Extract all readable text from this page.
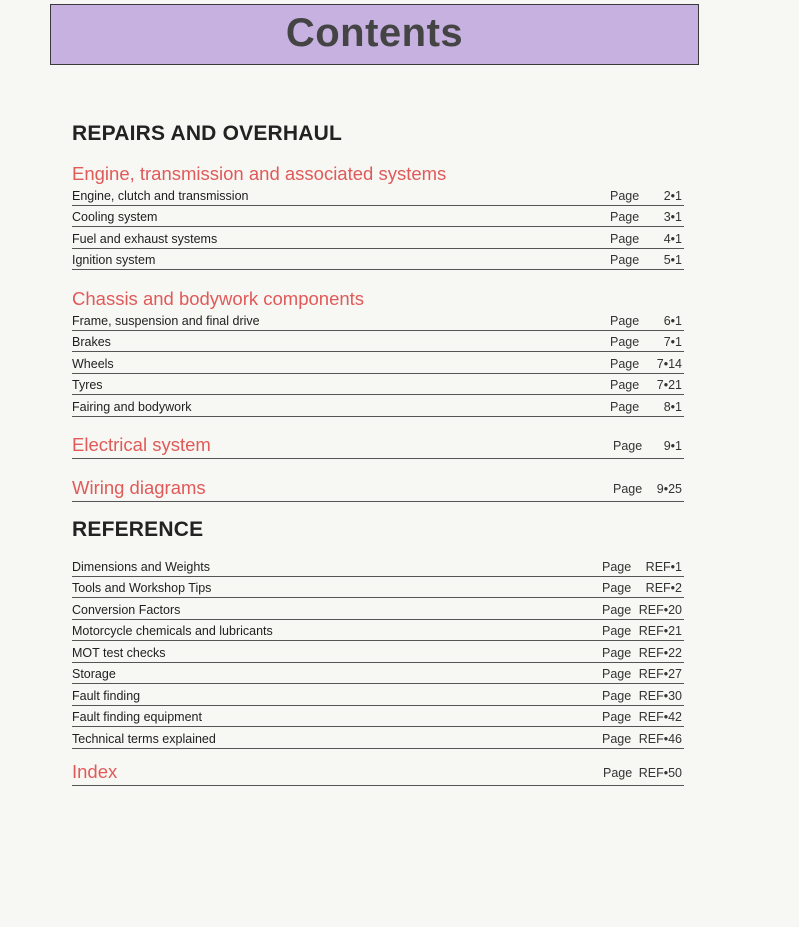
Contents
REPAIRS AND OVERHAUL
Engine, transmission and associated systems
Engine, clutch and transmission	Page 2•1
Cooling system	Page 3•1
Fuel and exhaust systems	Page 4•1
Ignition system	Page 5•1
Chassis and bodywork components
Frame, suspension and final drive	Page 6•1
Brakes	Page 7•1
Wheels	Page 7•14
Tyres	Page 7•21
Fairing and bodywork	Page 8•1
Electrical system	Page 9•1
Wiring diagrams	Page 9•25
REFERENCE
Dimensions and Weights	Page REF•1
Tools and Workshop Tips	Page REF•2
Conversion Factors	Page REF•20
Motorcycle chemicals and lubricants	Page REF•21
MOT test checks	Page REF•22
Storage	Page REF•27
Fault finding	Page REF•30
Fault finding equipment	Page REF•42
Technical terms explained	Page REF•46
Index	Page REF•50
